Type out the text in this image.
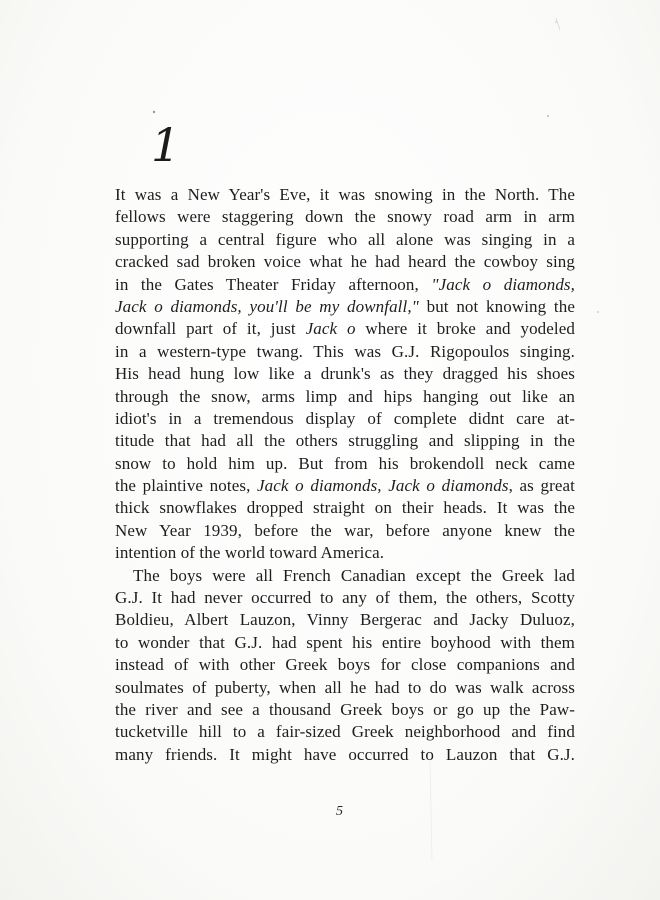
1
It was a New Year's Eve, it was snowing in the North. The
fellows were staggering down the snowy road arm in arm
supporting a central figure who all alone was singing in a
cracked sad broken voice what he had heard the cowboy sing
in the Gates Theater Friday afternoon, "Jack o diamonds,
Jack o diamonds, you'll be my downfall," but not knowing the
downfall part of it, just Jack o where it broke and yodeled
in a western-type twang. This was G.J. Rigopoulos singing.
His head hung low like a drunk's as they dragged his shoes
through the snow, arms limp and hips hanging out like an
idiot's in a tremendous display of complete didnt care at-
titude that had all the others struggling and slipping in the
snow to hold him up. But from his brokendoll neck came
the plaintive notes, Jack o diamonds, Jack o diamonds, as great
thick snowflakes dropped straight on their heads. It was the
New Year 1939, before the war, before anyone knew the
intention of the world toward America.
The boys were all French Canadian except the Greek lad
G.J. It had never occurred to any of them, the others, Scotty
Boldieu, Albert Lauzon, Vinny Bergerac and Jacky Duluoz,
to wonder that G.J. had spent his entire boyhood with them
instead of with other Greek boys for close companions and
soulmates of puberty, when all he had to do was walk across
the river and see a thousand Greek boys or go up the Paw-
tucketville hill to a fair-sized Greek neighborhood and find
many friends. It might have occurred to Lauzon that G.J.
5
